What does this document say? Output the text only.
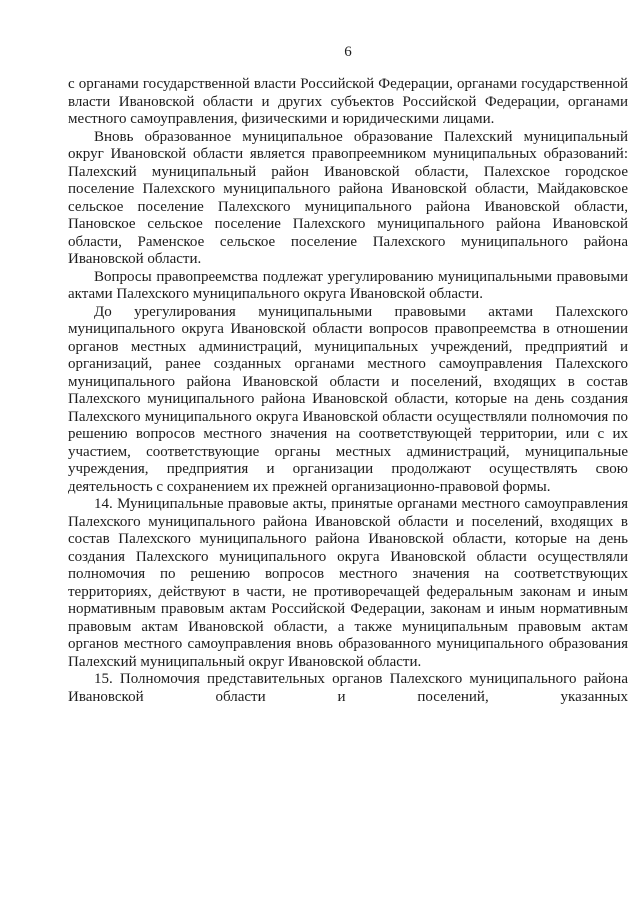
6

с органами государственной власти Российской Федерации, органами государственной власти Ивановской области и других субъектов Российской Федерации, органами местного самоуправления, физическими и юридическими лицами.

Вновь образованное муниципальное образование Палехский муниципальный округ Ивановской области является правопреемником муниципальных образований: Палехский муниципальный район Ивановской области, Палехское городское поселение Палехского муниципального района Ивановской области, Майдаковское сельское поселение Палехского муниципального района Ивановской области, Пановское сельское поселение Палехского муниципального района Ивановской области, Раменское сельское поселение Палехского муниципального района Ивановской области.

Вопросы правопреемства подлежат урегулированию муниципальными правовыми актами Палехского муниципального округа Ивановской области.

До урегулирования муниципальными правовыми актами Палехского муниципального округа Ивановской области вопросов правопреемства в отношении органов местных администраций, муниципальных учреждений, предприятий и организаций, ранее созданных органами местного самоуправления Палехского муниципального района Ивановской области и поселений, входящих в состав Палехского муниципального района Ивановской области, которые на день создания Палехского муниципального округа Ивановской области осуществляли полномочия по решению вопросов местного значения на соответствующей территории, или с их участием, соответствующие органы местных администраций, муниципальные учреждения, предприятия и организации продолжают осуществлять свою деятельность с сохранением их прежней организационно-правовой формы.

14. Муниципальные правовые акты, принятые органами местного самоуправления Палехского муниципального района Ивановской области и поселений, входящих в состав Палехского муниципального района Ивановской области, которые на день создания Палехского муниципального округа Ивановской области осуществляли полномочия по решению вопросов местного значения на соответствующих территориях, действуют в части, не противоречащей федеральным законам и иным нормативным правовым актам Российской Федерации, законам и иным нормативным правовым актам Ивановской области, а также муниципальным правовым актам органов местного самоуправления вновь образованного муниципального образования Палехский муниципальный округ Ивановской области.

15. Полномочия представительных органов Палехского муниципального района Ивановской области и поселений, указанных
